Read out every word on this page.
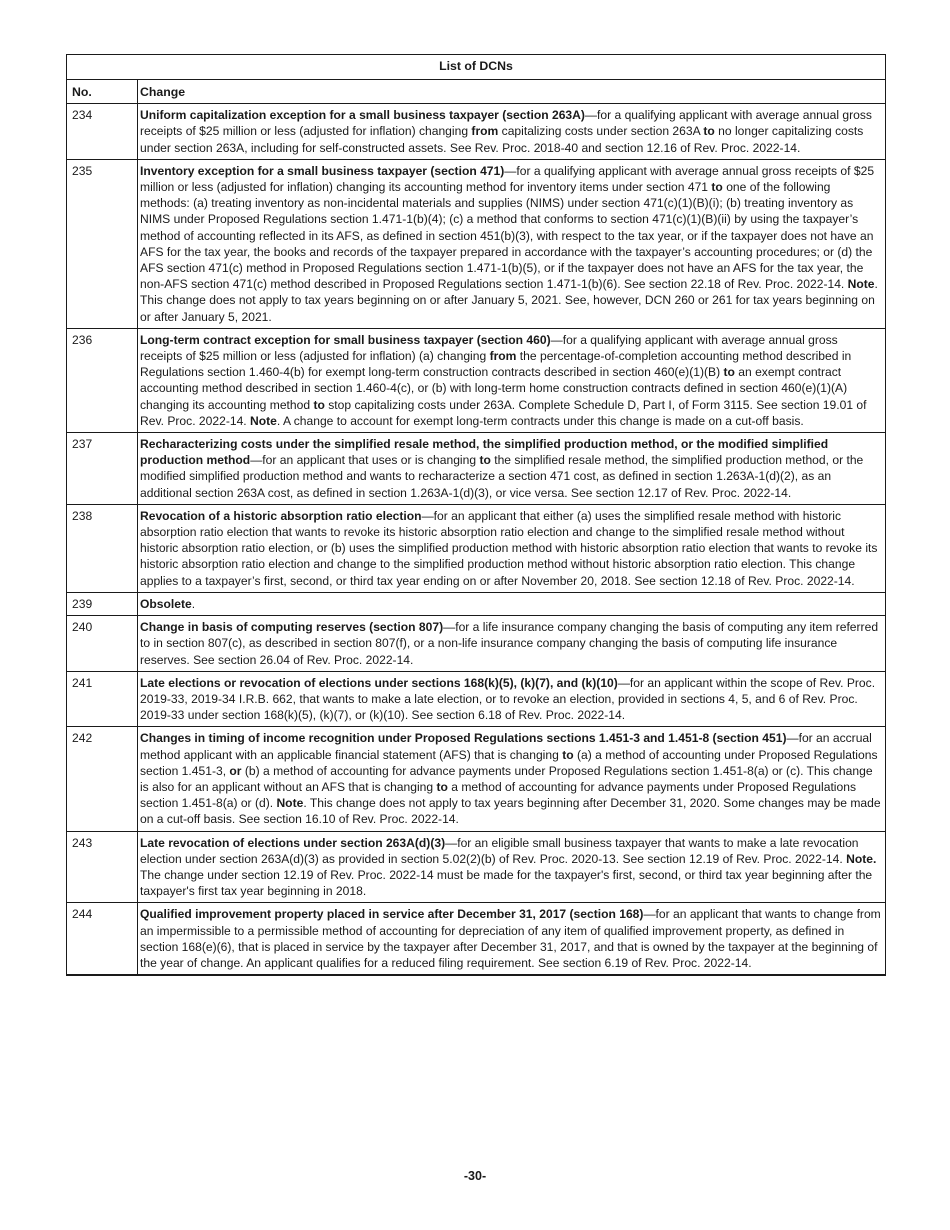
List of DCNs	
No.	Change
234	Uniform capitalization exception for a small business taxpayer (section 263A)—for a qualifying applicant with average annual gross receipts of $25 million or less (adjusted for inflation) changing from capitalizing costs under section 263A to no longer capitalizing costs under section 263A, including for self-constructed assets. See Rev. Proc. 2018-40 and section 12.16 of Rev. Proc. 2022-14.
235	Inventory exception for a small business taxpayer (section 471)—for a qualifying applicant with average annual gross receipts of $25 million or less (adjusted for inflation) changing its accounting method for inventory items under section 471 to one of the following methods: (a) treating inventory as non-incidental materials and supplies (NIMS) under section 471(c)(1)(B)(i); (b) treating inventory as NIMS under Proposed Regulations section 1.471-1(b)(4); (c) a method that conforms to section 471(c)(1)(B)(ii) by using the taxpayer’s method of accounting reflected in its AFS, as defined in section 451(b)(3), with respect to the tax year, or if the taxpayer does not have an AFS for the tax year, the books and records of the taxpayer prepared in accordance with the taxpayer’s accounting procedures; or (d) the AFS section 471(c) method in Proposed Regulations section 1.471-1(b)(5), or if the taxpayer does not have an AFS for the tax year, the non-AFS section 471(c) method described in Proposed Regulations section 1.471-1(b)(6). See section 22.18 of Rev. Proc. 2022-14. Note. This change does not apply to tax years beginning on or after January 5, 2021. See, however, DCN 260 or 261 for tax years beginning on or after January 5, 2021.
236	Long-term contract exception for small business taxpayer (section 460)—for a qualifying applicant with average annual gross receipts of $25 million or less (adjusted for inflation) (a) changing from the percentage-of-completion accounting method described in Regulations section 1.460-4(b) for exempt long-term construction contracts described in section 460(e)(1)(B) to an exempt contract accounting method described in section 1.460-4(c), or (b) with long-term home construction contracts defined in section 460(e)(1)(A) changing its accounting method to stop capitalizing costs under 263A. Complete Schedule D, Part I, of Form 3115. See section 19.01 of Rev. Proc. 2022-14. Note. A change to account for exempt long-term contracts under this change is made on a cut-off basis.
237	Recharacterizing costs under the simplified resale method, the simplified production method, or the modified simplified production method—for an applicant that uses or is changing to the simplified resale method, the simplified production method, or the modified simplified production method and wants to recharacterize a section 471 cost, as defined in section 1.263A-1(d)(2), as an additional section 263A cost, as defined in section 1.263A-1(d)(3), or vice versa. See section 12.17 of Rev. Proc. 2022-14.
238	Revocation of a historic absorption ratio election—for an applicant that either (a) uses the simplified resale method with historic absorption ratio election that wants to revoke its historic absorption ratio election and change to the simplified resale method without historic absorption ratio election, or (b) uses the simplified production method with historic absorption ratio election that wants to revoke its historic absorption ratio election and change to the simplified production method without historic absorption ratio election. This change applies to a taxpayer’s first, second, or third tax year ending on or after November 20, 2018. See section 12.18 of Rev. Proc. 2022-14.
239	Obsolete.
240	Change in basis of computing reserves (section 807)—for a life insurance company changing the basis of computing any item referred to in section 807(c), as described in section 807(f), or a non-life insurance company changing the basis of computing life insurance reserves. See section 26.04 of Rev. Proc. 2022-14.
241	Late elections or revocation of elections under sections 168(k)(5), (k)(7), and (k)(10)—for an applicant within the scope of Rev. Proc. 2019-33, 2019-34 I.R.B. 662, that wants to make a late election, or to revoke an election, provided in sections 4, 5, and 6 of Rev. Proc. 2019-33 under section 168(k)(5), (k)(7), or (k)(10). See section 6.18 of Rev. Proc. 2022-14.
242	Changes in timing of income recognition under Proposed Regulations sections 1.451-3 and 1.451-8 (section 451)—for an accrual method applicant with an applicable financial statement (AFS) that is changing to (a) a method of accounting under Proposed Regulations section 1.451-3, or (b) a method of accounting for advance payments under Proposed Regulations section 1.451-8(a) or (c). This change is also for an applicant without an AFS that is changing to a method of accounting for advance payments under Proposed Regulations section 1.451-8(a) or (d). Note. This change does not apply to tax years beginning after December 31, 2020. Some changes may be made on a cut-off basis. See section 16.10 of Rev. Proc. 2022-14.
243	Late revocation of elections under section 263A(d)(3)—for an eligible small business taxpayer that wants to make a late revocation election under section 263A(d)(3) as provided in section 5.02(2)(b) of Rev. Proc. 2020-13. See section 12.19 of Rev. Proc. 2022-14. Note. The change under section 12.19 of Rev. Proc. 2022-14 must be made for the taxpayer's first, second, or third tax year beginning after the taxpayer's first tax year beginning in 2018.
244	Qualified improvement property placed in service after December 31, 2017 (section 168)—for an applicant that wants to change from an impermissible to a permissible method of accounting for depreciation of any item of qualified improvement property, as defined in section 168(e)(6), that is placed in service by the taxpayer after December 31, 2017, and that is owned by the taxpayer at the beginning of the year of change. An applicant qualifies for a reduced filing requirement. See section 6.19 of Rev. Proc. 2022-14.
-30-
